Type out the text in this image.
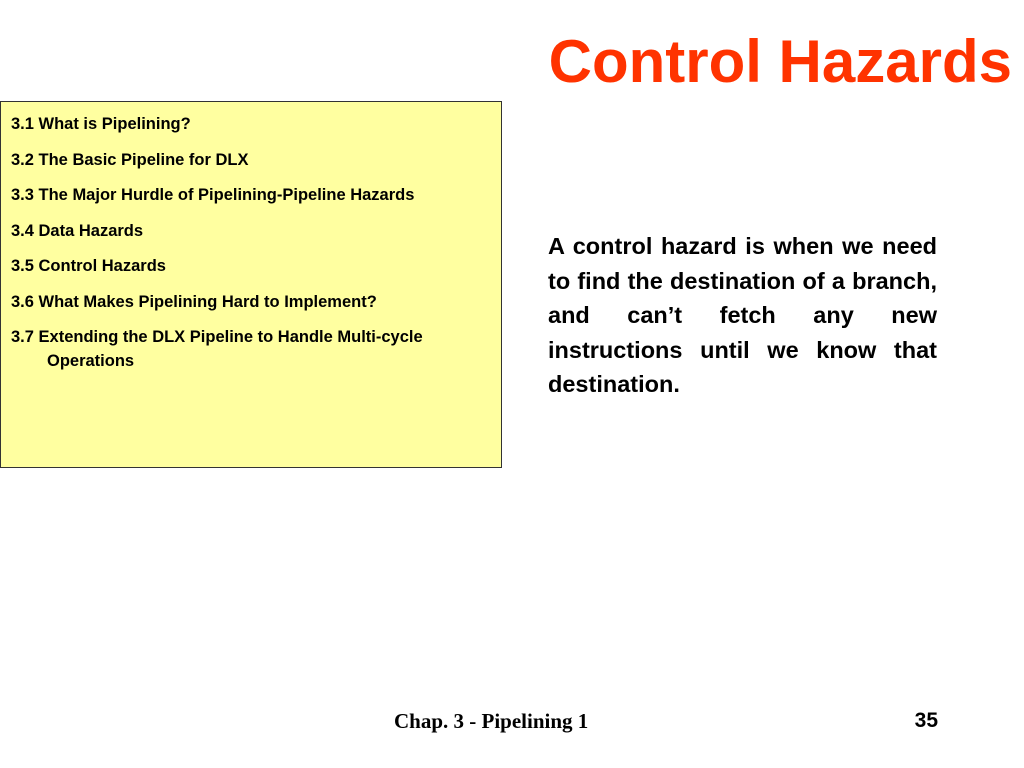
Control Hazards
3.1 What is Pipelining?
3.2 The Basic Pipeline for DLX
3.3 The Major Hurdle of Pipelining-Pipeline Hazards
3.4 Data Hazards
3.5 Control Hazards
3.6 What Makes Pipelining Hard to Implement?
3.7 Extending the DLX Pipeline to Handle Multi-cycle Operations
A control hazard is when we need to find the destination of a branch, and can’t fetch any new instructions until we know that destination.
Chap. 3 - Pipelining 1	35
